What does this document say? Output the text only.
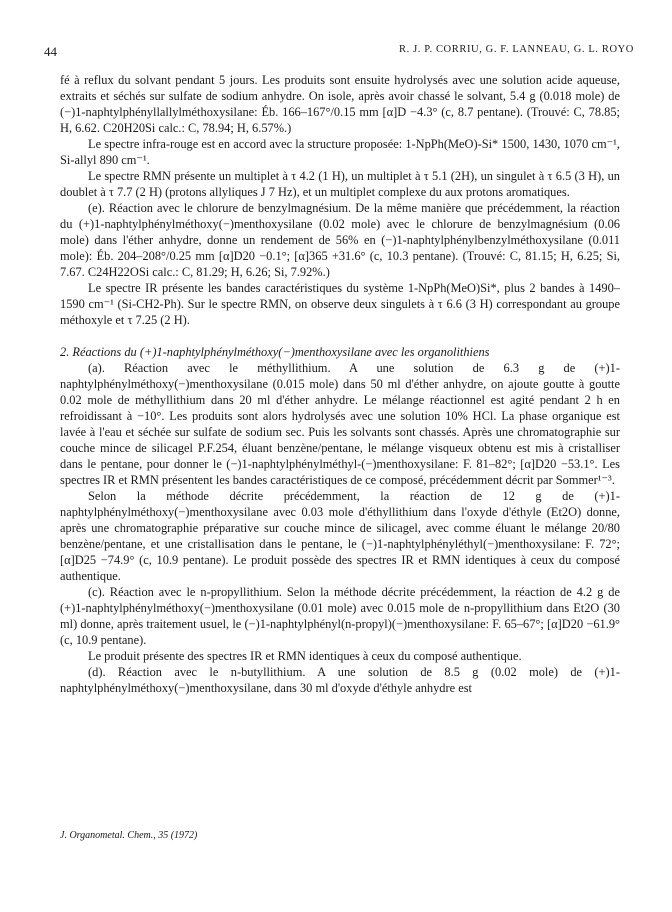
44	R. J. P. CORRIU, G. F. LANNEAU, G. L. ROYO

fé à reflux du solvant pendant 5 jours. Les produits sont ensuite hydrolysés avec une solution acide aqueuse, extraits et séchés sur sulfate de sodium anhydre. On isole, après avoir chassé le solvant, 5.4 g (0.018 mole) de (−)1-naphtylphényllallylméthoxysilane: Éb. 166–167°/0.15 mm [α]D −4.3° (c, 8.7 pentane). (Trouvé: C, 78.85; H, 6.62. C20H20Si calc.: C, 78.94; H, 6.57%.)

Le spectre infra-rouge est en accord avec la structure proposée: 1-NpPh(MeO)-Si* 1500, 1430, 1070 cm⁻¹, Si-allyl 890 cm⁻¹.

Le spectre RMN présente un multiplet à τ 4.2 (1 H), un multiplet à τ 5.1 (2H), un singulet à τ 6.5 (3 H), un doublet à τ 7.7 (2 H) (protons allyliques J 7 Hz), et un multiplet complexe du aux protons aromatiques.

(e). Réaction avec le chlorure de benzylmagnésium. De la même manière que précédemment, la réaction du (+)1-naphtylphénylméthoxy(−)menthoxysilane (0.02 mole) avec le chlorure de benzylmagnésium (0.06 mole) dans l'éther anhydre, donne un rendement de 56% en (−)1-naphtylphénylbenzylméthoxysilane (0.011 mole): Éb. 204–208°/0.25 mm [α]D20 −0.1°; [α]365 +31.6° (c, 10.3 pentane). (Trouvé: C, 81.15; H, 6.25; Si, 7.67. C24H22OSi calc.: C, 81.29; H, 6.26; Si, 7.92%.)

Le spectre IR présente les bandes caractéristiques du système 1-NpPh(MeO)Si*, plus 2 bandes à 1490–1590 cm⁻¹ (Si-CH2-Ph). Sur le spectre RMN, on observe deux singulets à τ 6.6 (3 H) correspondant au groupe méthoxyle et τ 7.25 (2 H).

2. Réactions du (+)1-naphtylphénylméthoxy(−)menthoxysilane avec les organolithiens

(a). Réaction avec le méthyllithium. A une solution de 6.3 g de (+)1-naphtylphénylméthoxy(−)menthoxysilane (0.015 mole) dans 50 ml d'éther anhydre, on ajoute goutte à goutte 0.02 mole de méthyllithium dans 20 ml d'éther anhydre. Le mélange réactionnel est agité pendant 2 h en refroidissant à −10°. Les produits sont alors hydrolysés avec une solution 10% HCl. La phase organique est lavée à l'eau et séchée sur sulfate de sodium sec. Puis les solvants sont chassés. Après une chromatographie sur couche mince de silicagel P.F.254, éluant benzène/pentane, le mélange visqueux obtenu est mis à cristalliser dans le pentane, pour donner le (−)1-naphtylphénylméthyl-(−)menthoxysilane: F. 81–82°; [α]D20 −53.1°. Les spectres IR et RMN présentent les bandes caractéristiques de ce composé, précédemment décrit par Sommer¹⁻³.

Selon la méthode décrite précédemment, la réaction de 12 g de (+)1-naphtylphénylméthoxy(−)menthoxysilane avec 0.03 mole d'éthyllithium dans l'oxyde d'éthyle (Et2O) donne, après une chromatographie préparative sur couche mince de silicagel, avec comme éluant le mélange 20/80 benzène/pentane, et une cristallisation dans le pentane, le (−)1-naphtylphényléthyl(−)menthoxysilane: F. 72°; [α]D25 −74.9° (c, 10.9 pentane). Le produit possède des spectres IR et RMN identiques à ceux du composé authentique.

(c). Réaction avec le n-propyllithium. Selon la méthode décrite précédemment, la réaction de 4.2 g de (+)1-naphtylphénylméthoxy(−)menthoxysilane (0.01 mole) avec 0.015 mole de n-propyllithium dans Et2O (30 ml) donne, après traitement usuel, le (−)1-naphtylphényl(n-propyl)(−)menthoxysilane: F. 65–67°; [α]D20 −61.9° (c, 10.9 pentane).

Le produit présente des spectres IR et RMN identiques à ceux du composé authentique.

(d). Réaction avec le n-butyllithium. A une solution de 8.5 g (0.02 mole) de (+)1-naphtylphénylméthoxy(−)menthoxysilane, dans 30 ml d'oxyde d'éthyle anhydre est

J. Organometal. Chem., 35 (1972)
